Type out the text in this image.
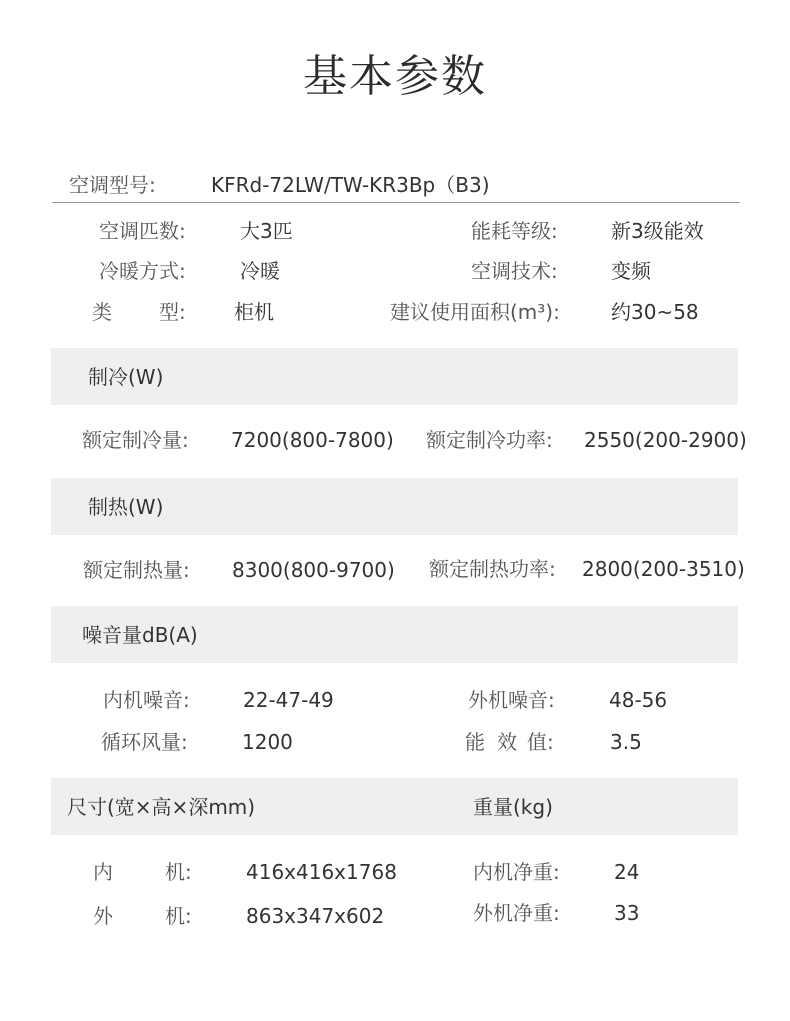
基本参数
空调型号:	KFRd-72LW/TW-KR3Bp（B3)
空调匹数:	大3匹	能耗等级:	新3级能效
冷暖方式:	冷暖	空调技术:	变频
类 型: 柜机	建议使用面积(m³):	约30~58
制冷(W)
额定制冷量: 7200(800-7800) 额定制冷功率: 2550(200-2900)
制热(W)
额定制热量: 8300(800-9700) 额定制热功率: 2800(200-3510)
噪音量dB(A)
内机噪音:	22-47-49	外机噪音:	48-56
循环风量:	1200	能 效 值:	3.5
尺寸(宽×高×深mm)	重量(kg)
内	机:	416x416x1768	内机净重:	24
外	机:	863x347x602	外机净重:	33
